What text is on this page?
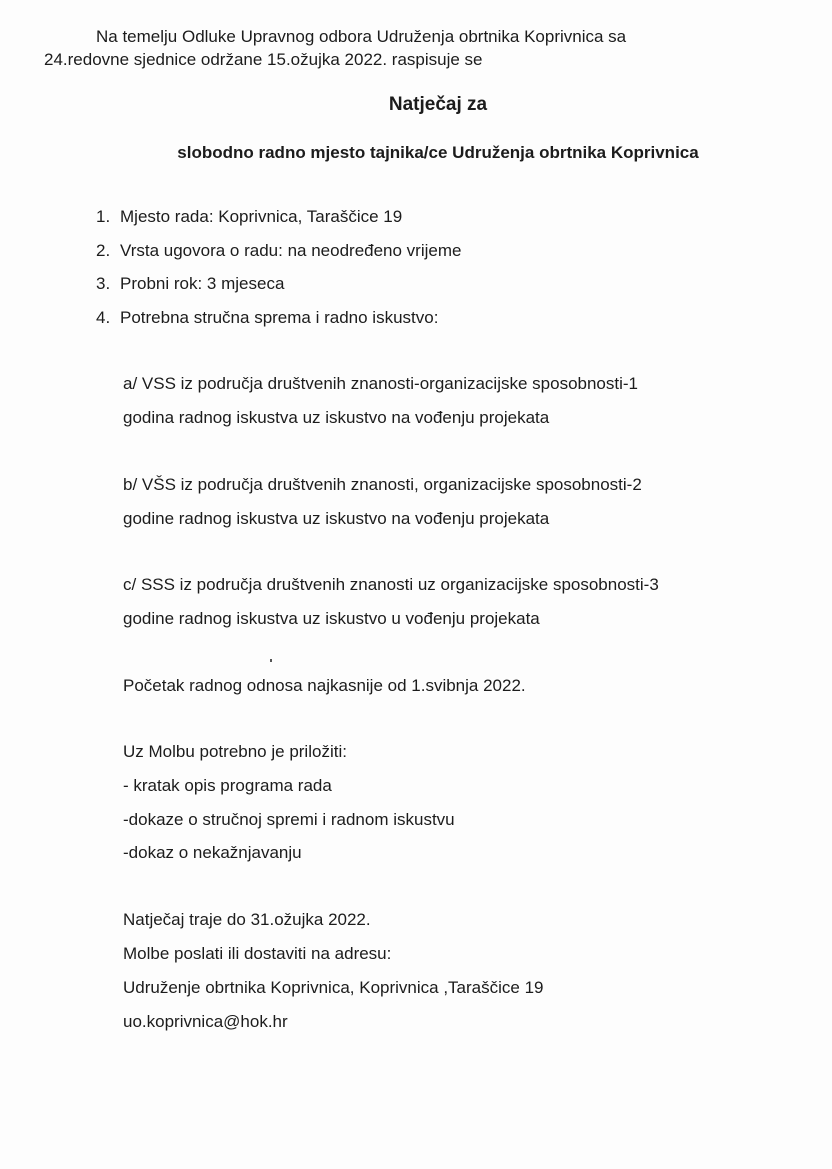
Na temelju Odluke Upravnog odbora Udruženja obrtnika Koprivnica sa
24.redovne sjednice održane 15.ožujka 2022. raspisuje se
Natječaj za
slobodno radno mjesto tajnika/ce Udruženja obrtnika Koprivnica
1. Mjesto rada: Koprivnica, Taraščice 19
2. Vrsta ugovora o radu: na neodređeno vrijeme
3. Probni rok: 3 mjeseca
4. Potrebna stručna sprema i radno iskustvo:
a/ VSS iz područja društvenih znanosti-organizacijske sposobnosti-1
godina radnog iskustva uz iskustvo na vođenju projekata
b/ VŠS iz područja društvenih znanosti, organizacijske sposobnosti-2
godine radnog iskustva uz iskustvo na vođenju projekata
c/ SSS iz područja društvenih znanosti uz organizacijske sposobnosti-3
godine radnog iskustva uz iskustvo u vođenju projekata
Početak radnog odnosa najkasnije od 1.svibnja 2022.
Uz Molbu potrebno je priložiti:
- kratak opis programa rada
-dokaze o stručnoj spremi i radnom iskustvu
-dokaz o nekažnjavanju
Natječaj traje do 31.ožujka 2022.
Molbe poslati ili dostaviti na adresu:
Udruženje obrtnika Koprivnica, Koprivnica ,Taraščice 19
uo.koprivnica@hok.hr
